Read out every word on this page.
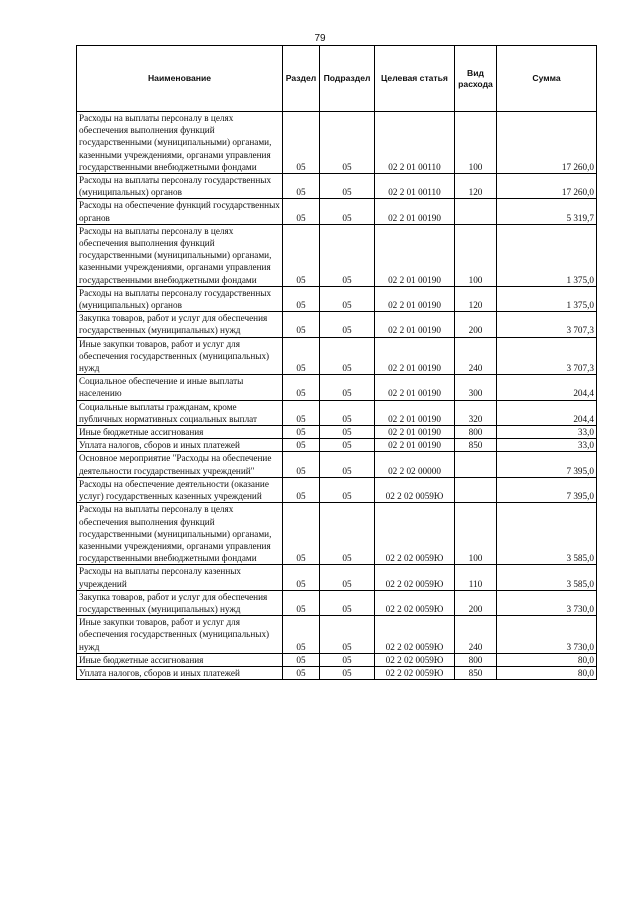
79
Наименование	Раздел	Подраздел	Целевая статья	Вид расхода	Сумма
Расходы на выплаты персоналу в целях обеспечения выполнения функций государственными (муниципальными) органами, казенными учреждениями, органами управления государственными внебюджетными фондами	05	05	02 2 01 00110	100	17 260,0
Расходы на выплаты персоналу государственных (муниципальных) органов	05	05	02 2 01 00110	120	17 260,0
Расходы на обеспечение функций государственных органов	05	05	02 2 01 00190		5 319,7
Расходы на выплаты персоналу в целях обеспечения выполнения функций государственными (муниципальными) органами, казенными учреждениями, органами управления государственными внебюджетными фондами	05	05	02 2 01 00190	100	1 375,0
Расходы на выплаты персоналу государственных (муниципальных) органов	05	05	02 2 01 00190	120	1 375,0
Закупка товаров, работ и услуг для обеспечения государственных (муниципальных) нужд	05	05	02 2 01 00190	200	3 707,3
Иные закупки товаров, работ и услуг для обеспечения государственных (муниципальных) нужд	05	05	02 2 01 00190	240	3 707,3
Социальное обеспечение и иные выплаты населению	05	05	02 2 01 00190	300	204,4
Социальные выплаты гражданам, кроме публичных нормативных социальных выплат	05	05	02 2 01 00190	320	204,4
Иные бюджетные ассигнования	05	05	02 2 01 00190	800	33,0
Уплата налогов, сборов и иных платежей	05	05	02 2 01 00190	850	33,0
Основное мероприятие "Расходы на обеспечение деятельности государственных учреждений"	05	05	02 2 02 00000		7 395,0
Расходы на обеспечение деятельности (оказание услуг) государственных казенных учреждений	05	05	02 2 02 0059Ю		7 395,0
Расходы на выплаты персоналу в целях обеспечения выполнения функций государственными (муниципальными) органами, казенными учреждениями, органами управления государственными внебюджетными фондами	05	05	02 2 02 0059Ю	100	3 585,0
Расходы на выплаты персоналу казенных учреждений	05	05	02 2 02 0059Ю	110	3 585,0
Закупка товаров, работ и услуг для обеспечения государственных (муниципальных) нужд	05	05	02 2 02 0059Ю	200	3 730,0
Иные закупки товаров, работ и услуг для обеспечения государственных (муниципальных) нужд	05	05	02 2 02 0059Ю	240	3 730,0
Иные бюджетные ассигнования	05	05	02 2 02 0059Ю	800	80,0
Уплата налогов, сборов и иных платежей	05	05	02 2 02 0059Ю	850	80,0
